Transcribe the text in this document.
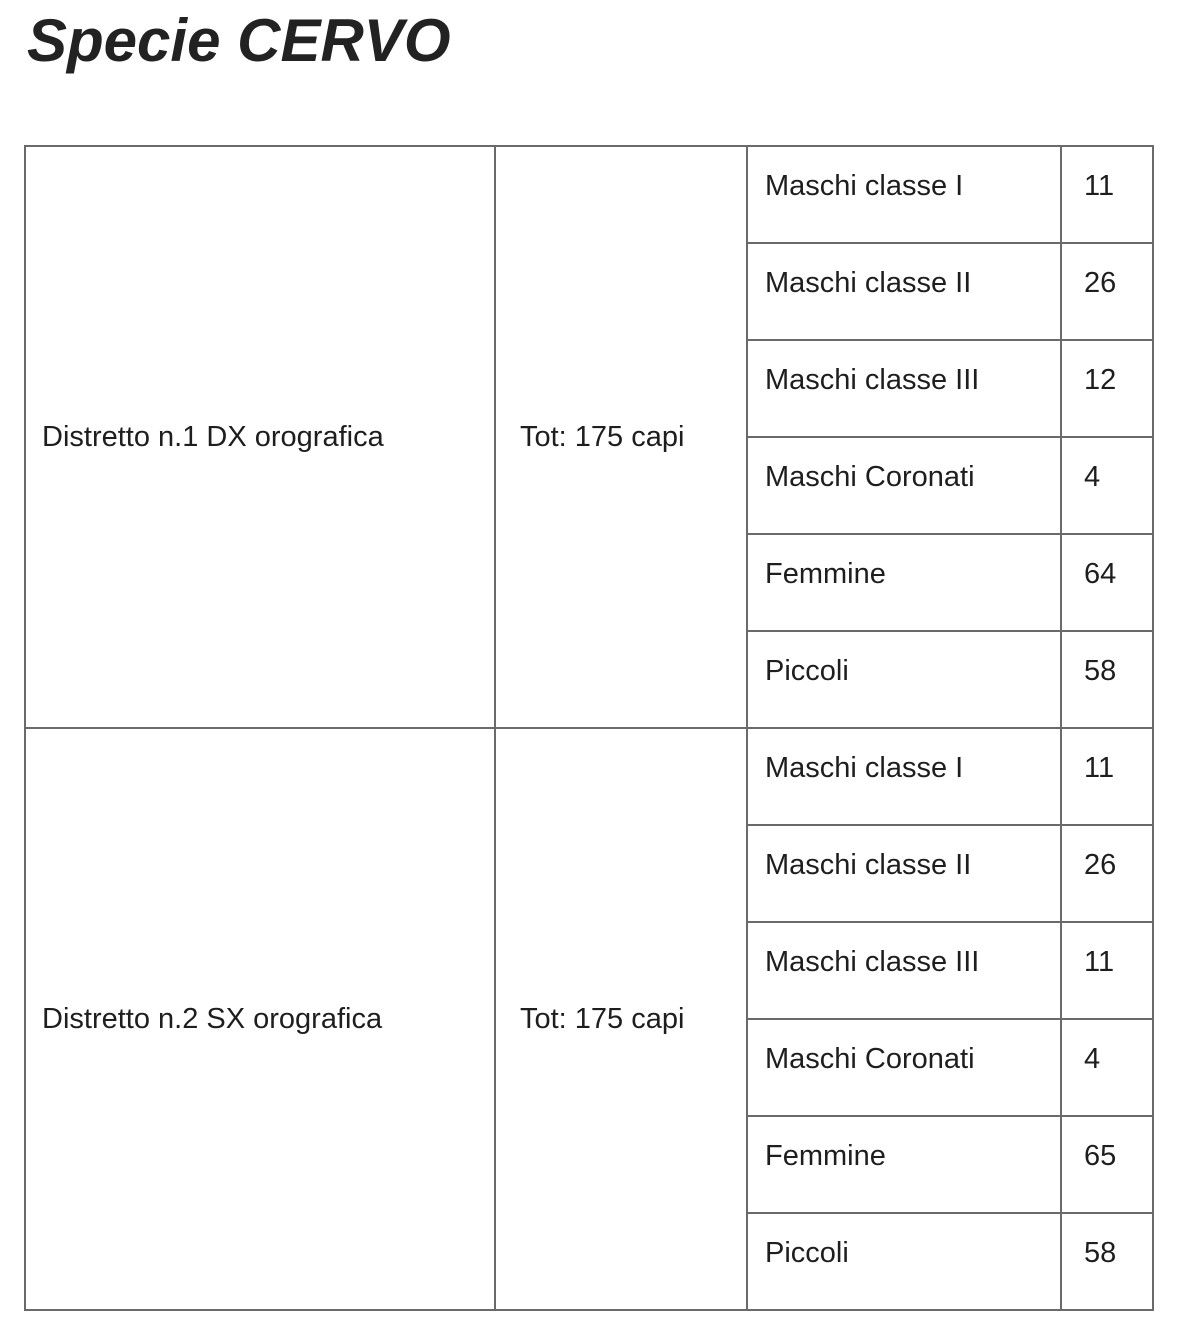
Specie CERVO
Distretto n.1 DX orografica	Tot: 175 capi	Maschi classe I	11
		Maschi classe II	26
		Maschi classe III	12
		Maschi Coronati	4
		Femmine	64
		Piccoli	58
Distretto n.2 SX orografica	Tot: 175 capi	Maschi classe I	11
		Maschi classe II	26
		Maschi classe III	11
		Maschi Coronati	4
		Femmine	65
		Piccoli	58
